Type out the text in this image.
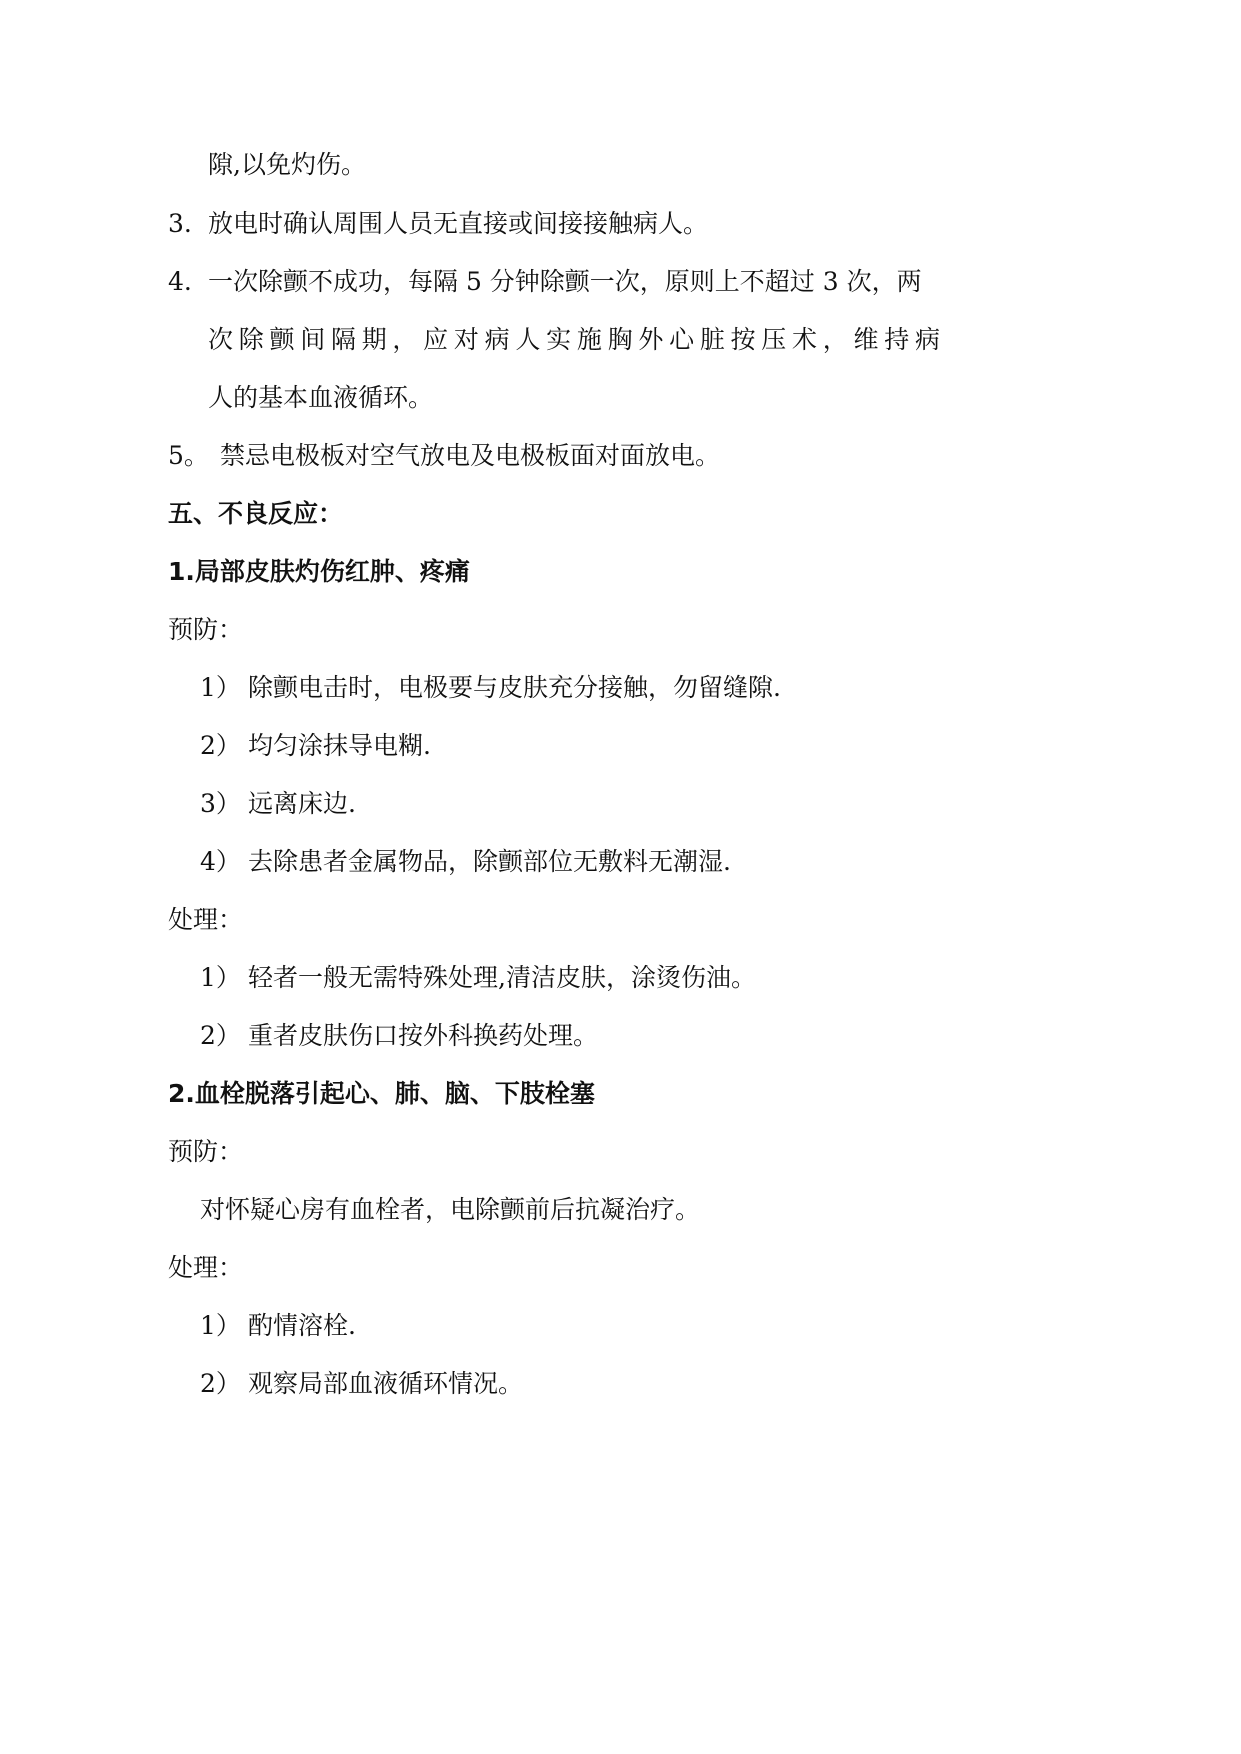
隙,以免灼伤。
3. 放电时确认周围人员无直接或间接接触病人。
4. 一次除颤不成功，每隔 5 分钟除颤一次，原则上不超过 3 次，两
次除颤间隔期，应对病人实施胸外心脏按压术，维持病
人的基本血液循环。
5。 禁忌电极板对空气放电及电极板面对面放电。
五、不良反应：
1.局部皮肤灼伤红肿、疼痛
预防：
1） 除颤电击时，电极要与皮肤充分接触，勿留缝隙.
2） 均匀涂抹导电糊.
3） 远离床边.
4） 去除患者金属物品，除颤部位无敷料无潮湿.
处理：
1） 轻者一般无需特殊处理,清洁皮肤，涂烫伤油。
2） 重者皮肤伤口按外科换药处理。
2.血栓脱落引起心、肺、脑、下肢栓塞
预防：
对怀疑心房有血栓者，电除颤前后抗凝治疗。
处理：
1） 酌情溶栓.
2） 观察局部血液循环情况。
